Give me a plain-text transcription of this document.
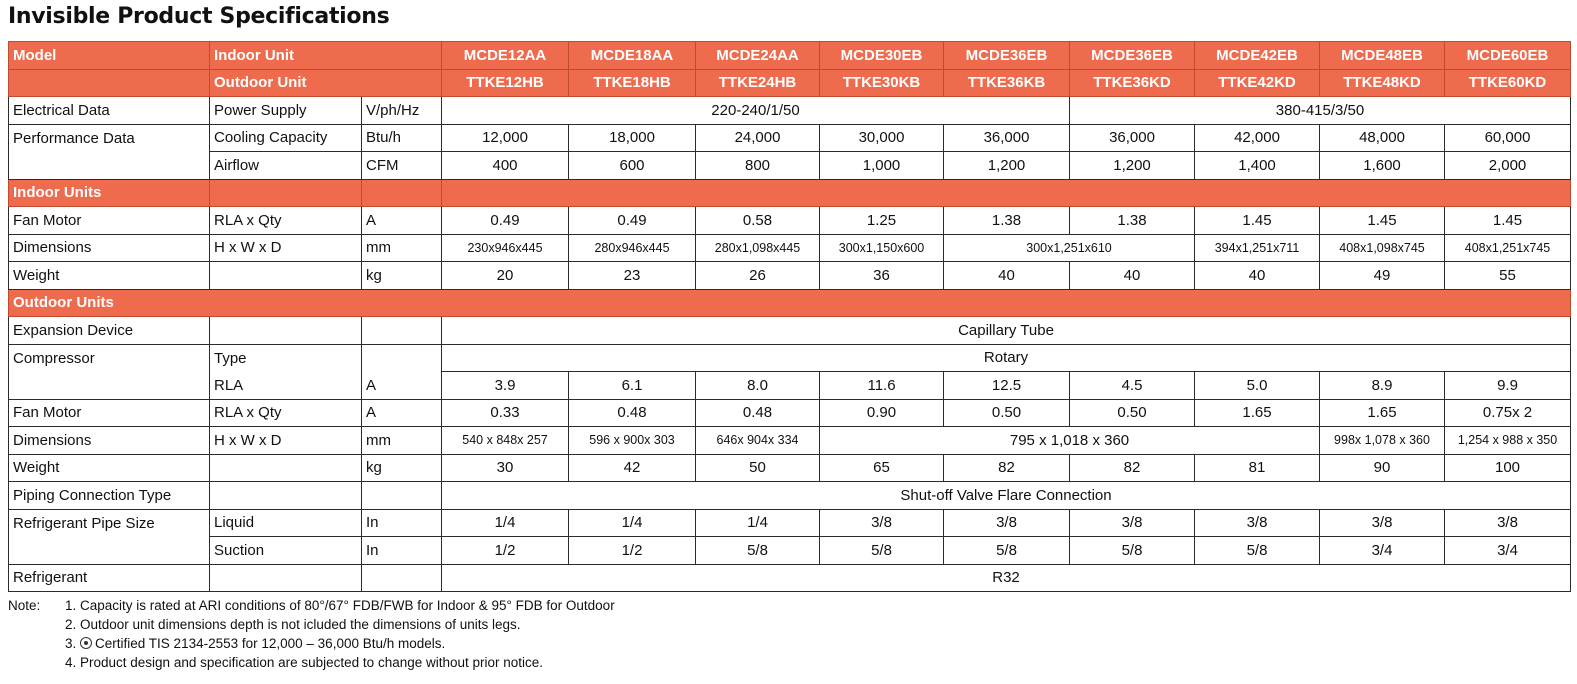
Invisible Product Specifications
Model	Indoor Unit		MCDE12AA	MCDE18AA	MCDE24AA	MCDE30EB	MCDE36EB	MCDE36EB	MCDE42EB	MCDE48EB	MCDE60EB
	Outdoor Unit		TTKE12HB	TTKE18HB	TTKE24HB	TTKE30KB	TTKE36KB	TTKE36KD	TTKE42KD	TTKE48KD	TTKE60KD
Electrical Data	Power Supply	V/ph/Hz	220-240/1/50					380-415/3/50			
Performance Data	Cooling Capacity	Btu/h	12,000	18,000	24,000	30,000	36,000	36,000	42,000	48,000	60,000
	Airflow	CFM	400	600	800	1,000	1,200	1,200	1,400	1,600	2,000
Indoor Units											
Fan Motor	RLA x Qty	A	0.49	0.49	0.58	1.25	1.38	1.38	1.45	1.45	1.45
Dimensions	H x W x D	mm	230x946x445	280x946x445	280x1,098x445	300x1,150x600	300x1,251x610		394x1,251x711	408x1,098x745	408x1,251x745
Weight		kg	20	23	26	36	40	40	40	49	55
Outdoor Units											
Expansion Device			Capillary Tube								
Compressor	Type		Rotary								
	RLA	A	3.9	6.1	8.0	11.6	12.5	4.5	5.0	8.9	9.9
Fan Motor	RLA x Qty	A	0.33	0.48	0.48	0.90	0.50	0.50	1.65	1.65	0.75x 2
Dimensions	H x W x D	mm	540 x 848x 257	596 x 900x 303	646x 904x 334	795 x 1,018 x 360				998x 1,078 x 360	1,254 x 988 x 350
Weight		kg	30	42	50	65	82	82	81	90	100
Piping Connection Type			Shut-off Valve Flare Connection								
Refrigerant Pipe Size	Liquid	In	1/4	1/4	1/4	3/8	3/8	3/8	3/8	3/8	3/8
	Suction	In	1/2	1/2	5/8	5/8	5/8	5/8	5/8	3/4	3/4
Refrigerant			R32								
Note: 1. Capacity is rated at ARI conditions of 80°/67° FDB/FWB for Indoor & 95° FDB for Outdoor
2. Outdoor unit dimensions depth is not icluded the dimensions of units legs.
3. Certified TIS 2134-2553 for 12,000 – 36,000 Btu/h models.
4. Product design and specification are subjected to change without prior notice.
